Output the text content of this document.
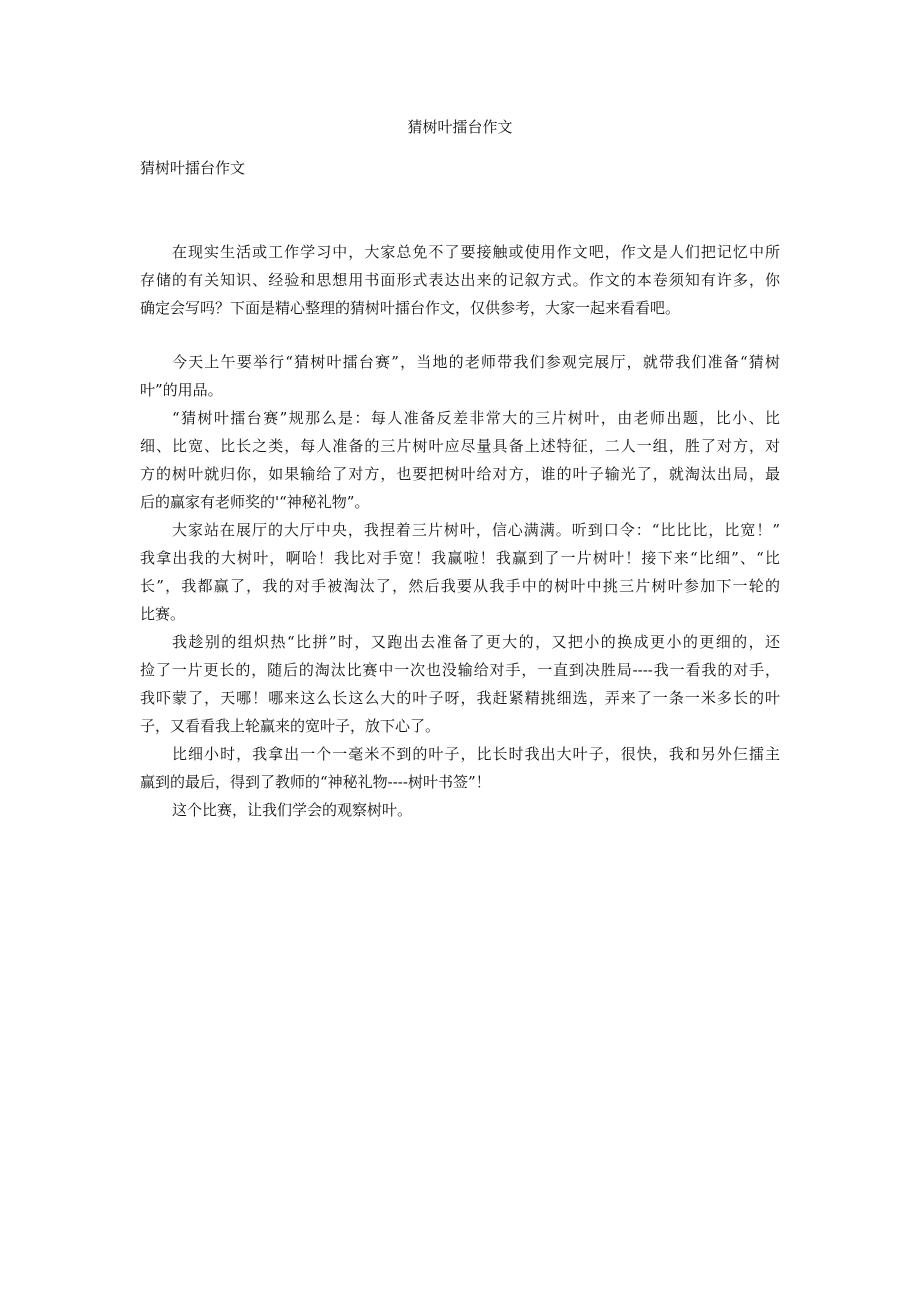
猜树叶擂台作文
猜树叶擂台作文
在现实生活或工作学习中，大家总免不了要接触或使用作文吧，作文是人们把记忆中所
存储的有关知识、经验和思想用书面形式表达出来的记叙方式。作文的本卷须知有许多，你
确定会写吗？下面是精心整理的猜树叶擂台作文，仅供参考，大家一起来看看吧。
今天上午要举行“猜树叶擂台赛”，当地的老师带我们参观完展厅，就带我们准备“猜树
叶”的用品。
“猜树叶擂台赛”规那么是：每人准备反差非常大的三片树叶，由老师出题，比小、比
细、比宽、比长之类，每人准备的三片树叶应尽量具备上述特征，二人一组，胜了对方，对
方的树叶就归你，如果输给了对方，也要把树叶给对方，谁的叶子输光了，就淘汰出局，最
后的赢家有老师奖的'“神秘礼物”。
大家站在展厅的大厅中央，我捏着三片树叶，信心满满。听到口令：“比比比，比宽！”
我拿出我的大树叶，啊哈！我比对手宽！我赢啦！我赢到了一片树叶！接下来“比细”、“比
长”，我都赢了，我的对手被淘汰了，然后我要从我手中的树叶中挑三片树叶参加下一轮的
比赛。
我趁别的组炽热“比拼”时，又跑出去准备了更大的，又把小的换成更小的更细的，还
捡了一片更长的，随后的淘汰比赛中一次也没输给对手，一直到决胜局----我一看我的对手，
我吓蒙了，天哪！哪来这么长这么大的叶子呀，我赶紧精挑细选，弄来了一条一米多长的叶
子，又看看我上轮赢来的宽叶子，放下心了。
比细小时，我拿出一个一毫米不到的叶子，比长时我出大叶子，很快，我和另外仨擂主
赢到的最后，得到了教师的“神秘礼物----树叶书签”！
这个比赛，让我们学会的观察树叶。
